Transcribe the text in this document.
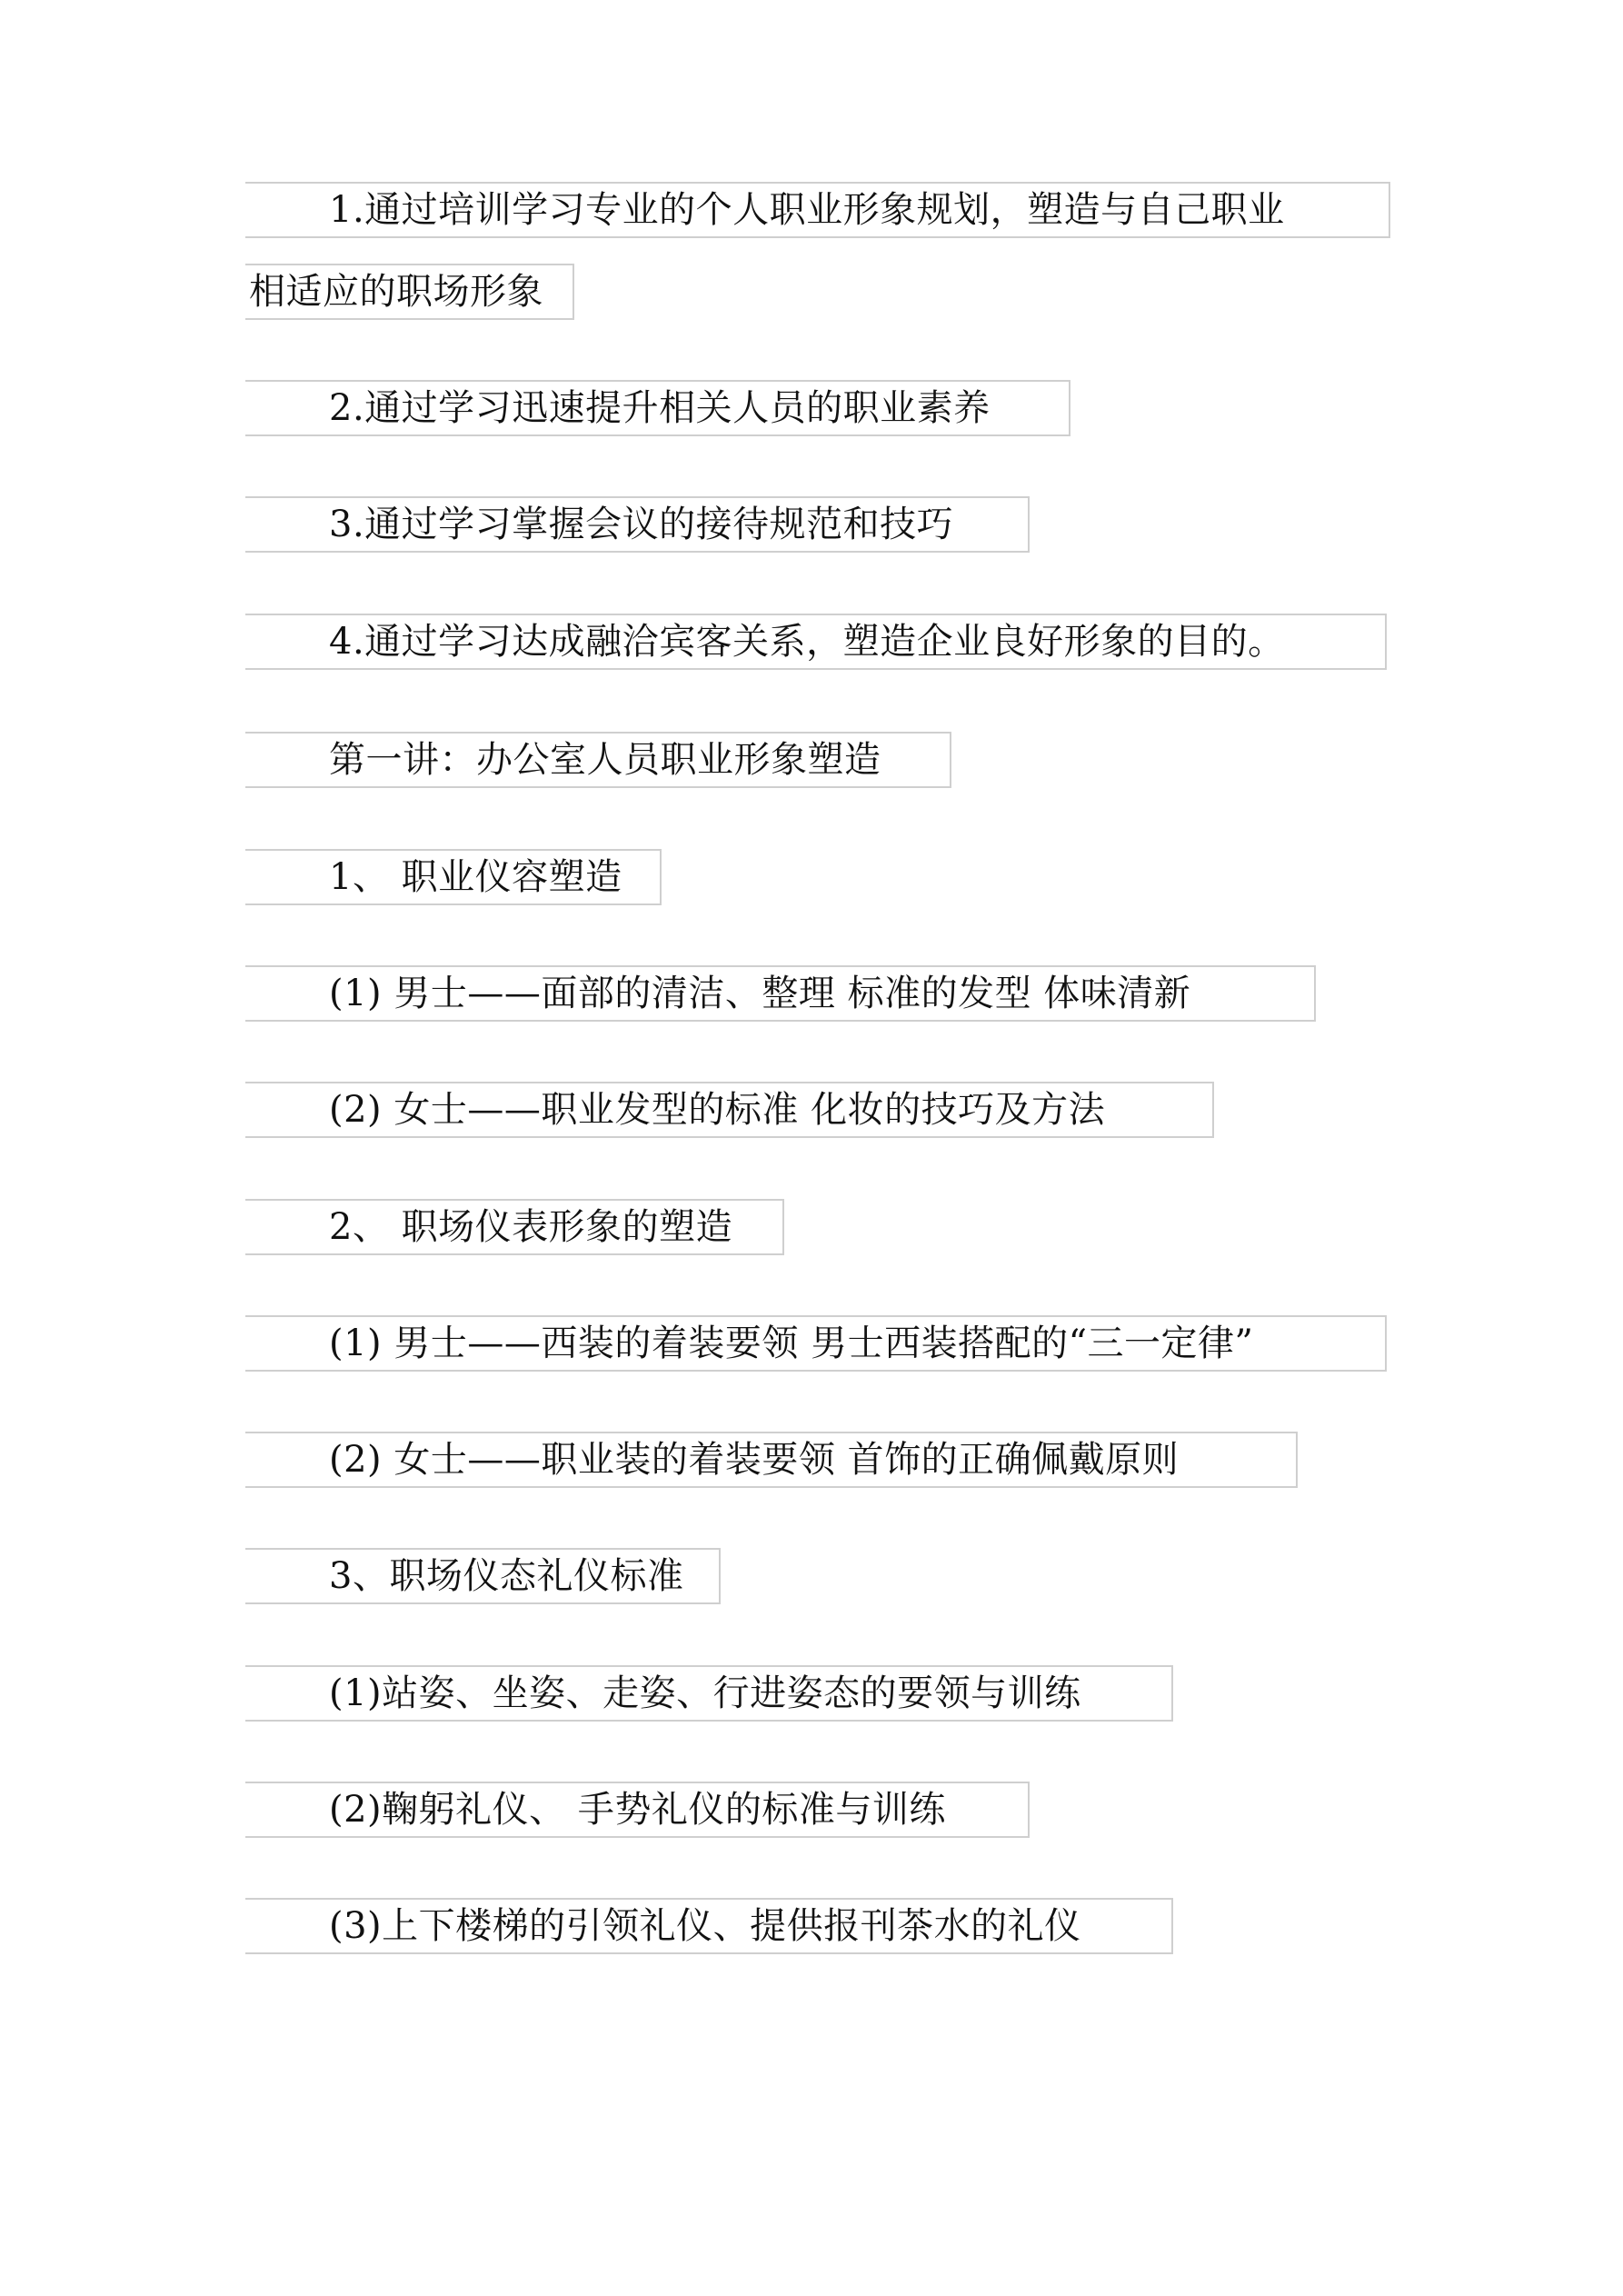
1.通过培训学习专业的个人职业形象规划，塑造与自己职业
相适应的职场形象
2.通过学习迅速提升相关人员的职业素养
3.通过学习掌握会议的接待规范和技巧
4.通过学习达成融洽宾客关系，塑造企业良好形象的目的。
第一讲：办公室人员职业形象塑造
1、 职业仪容塑造
(1) 男士——面部的清洁、整理 标准的发型 体味清新
(2) 女士——职业发型的标准 化妆的技巧及方法
2、 职场仪表形象的塑造
(1) 男士——西装的着装要领 男士西装搭配的“三一定律”
(2) 女士——职业装的着装要领 首饰的正确佩戴原则
3、职场仪态礼仪标准
(1)站姿、坐姿、走姿、行进姿态的要领与训练
(2)鞠躬礼仪、 手势礼仪的标准与训练
(3)上下楼梯的引领礼仪、提供报刊茶水的礼仪
